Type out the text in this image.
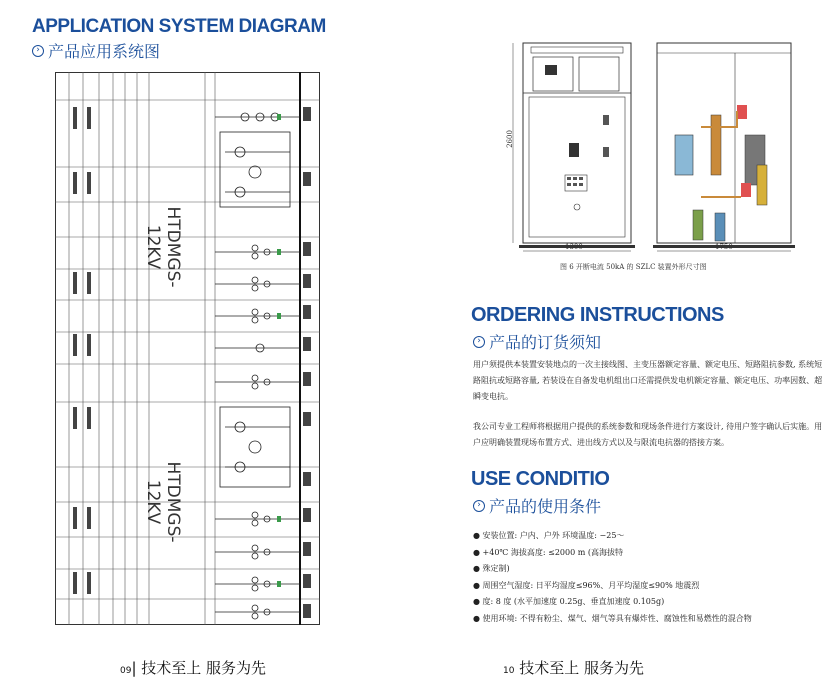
APPLICATION SYSTEM DIAGRAM
› 产品应用系统图
HTDMGS-12KV
HTDMGS-12KV
09| 技术至上 服务为先
2600
1300	1750
图 6 开断电流 50kA 的 SZLC 装置外形尺寸图
ORDERING INSTRUCTIONS
› 产品的订货须知
用户须提供本装置安装地点的一次主接线图、主变压器额定容量、额定电压、短路阻抗参数, 系统短路阻抗或短路容量, 若装设在自备发电机组出口还需提供发电机额定容量、额定电压、功率因数、超瞬变电抗。
我公司专业工程师将根据用户提供的系统参数和现场条件进行方案设计, 待用户签字确认后实施。用户应明确装置现场布置方式、进出线方式以及与限流电抗器的搭接方案。
USE CONDITIO
› 产品的使用条件
● 安装位置: 户内、户外 环境温度: −25～
● +40℃ 海拔高度: ≤2000 m (高海拔特
● 殊定制)
● 周围空气湿度: 日平均湿度≤96%、月平均湿度≤90% 地震烈
● 度: 8 度 (水平加速度 0.25g、垂直加速度 0.105g)
● 使用环境: 不得有粉尘、煤气、烟气等具有爆炸性、腐蚀性和易燃性的混合物
10 技术至上 服务为先
